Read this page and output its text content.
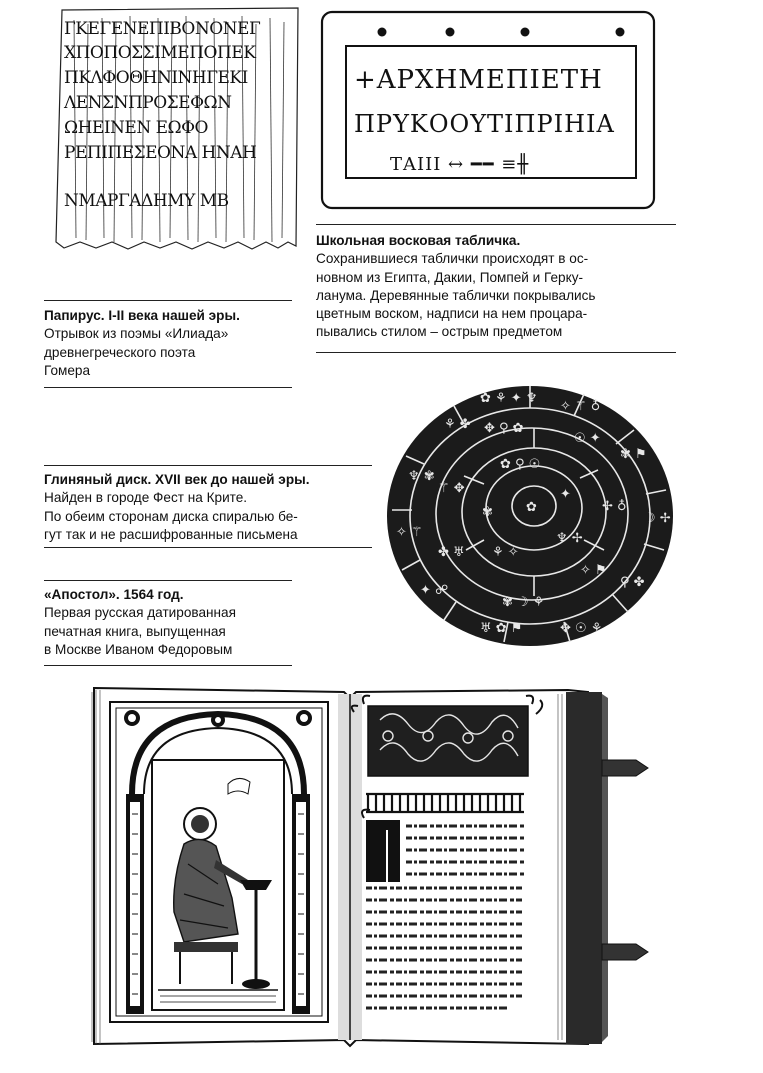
ΓΚΕΓΕΝΕΠΙΒΟΝΟΝΕΓ
ΧΠΟΠΟΣΣΙΜΕΠΟΠΕΚ
ΠΚΛΦΟΘΗΝΙΝΗΓΕΚΙ
ΛΕΝΣΝΠΡΟΣΕΦΩΝ
ΩΗΕΙΝΕΝ ΕΩΦΟ
ΡΕΠΙΠΕΣΕΟΝΑ ΗΝΑΗ
ΝΜΑΡΓΑΔΗΜΥ ΜΒ
+ΑΡΧΗΜΕΠΙΕΤΗ
ΠΡΥΚΟΟΥΤΙΠΡΙΗΙΑ
ΤΑΙΙΙ ↔ ━━ ≡╫
Школьная восковая табличка.
Сохранившиеся таблички происходят в ос-
новном из Египта, Дакии, Помпей и Герку-
ланума. Деревянные таблички покрывались
цветным воском, надписи на нем процара-
пывались стилом – острым предметом
Папирус. I-II века нашей эры.
Отрывок из поэмы «Илиада»
древнегреческого поэта
Гомера
✿ ⚘ ✦ ♆
✧ ⚚ ♁
✾ ⚑
☽ ✢
⚲ ✤
✥ ☉ ⚘
♅ ✿ ⚑
✦ ☍
✧ ⚚
♆ ✾
⚘ ✤ ✥ ⚲ ✿
☉ ✦
✢ ♁
✧ ⚑
✾ ☽ ⚘
✤ ♅
⚚ ✥
✿ ⚲ ☉
✦
♆ ✢
⚘ ✧
✾	✿
Глиняный диск. XVII век до нашей эры.
Найден в городе Фест на Крите.
По обеим сторонам диска спиралью бе-
гут так и не расшифрованные письмена
«Апостол». 1564 год.
Первая русская датированная
печатная книга, выпущенная
в Москве Иваном Федоровым
